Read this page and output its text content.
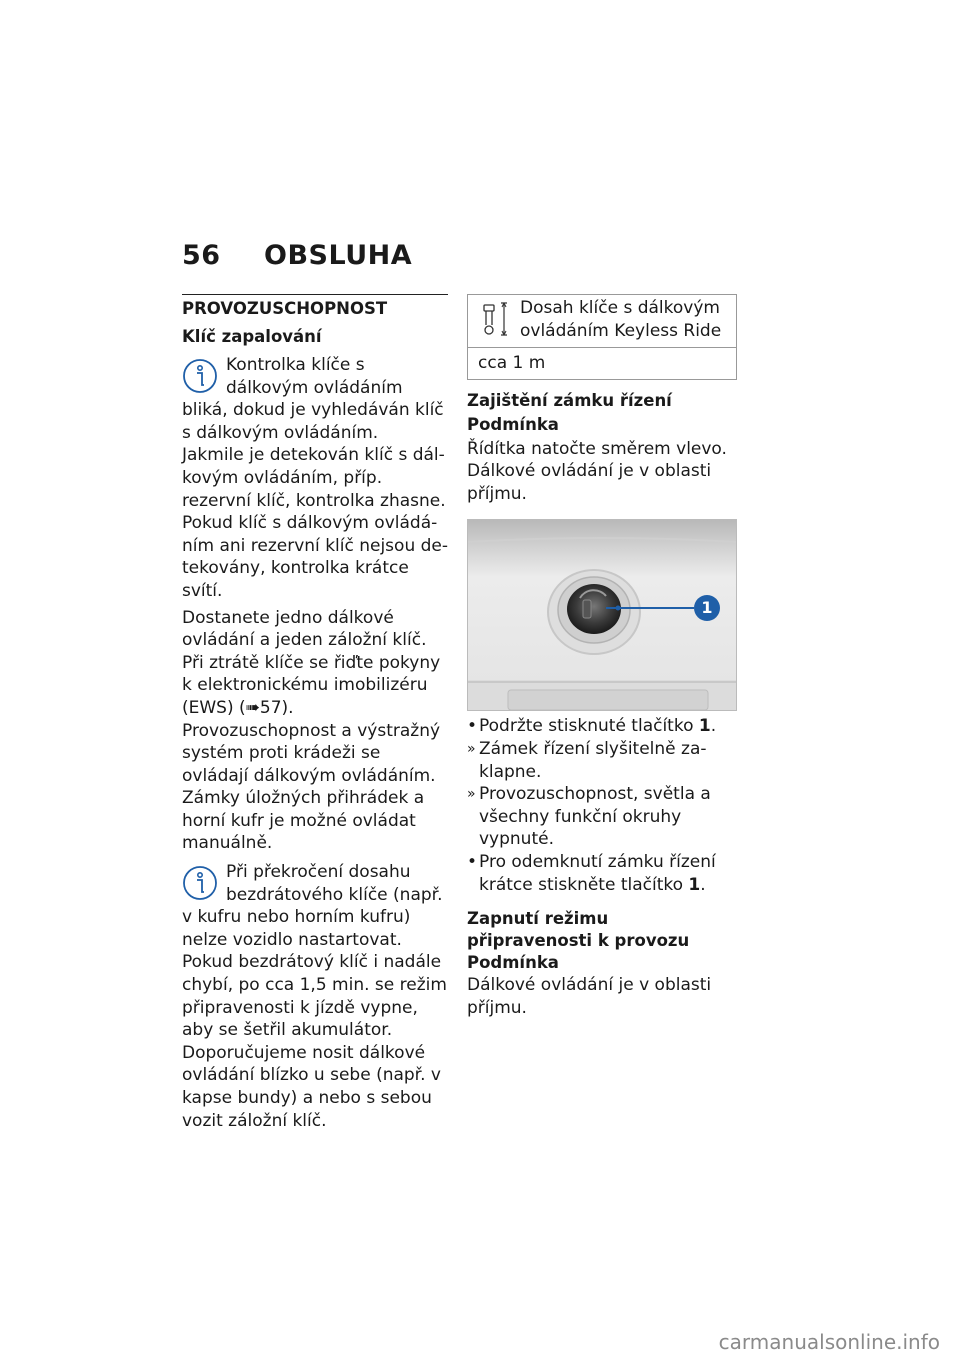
56 OBSLUHA
PROVOZUSCHOPNOST
Klíč zapalování

Kontrolka klíče s dálkovým ovládáním bliká, dokud je vyhledáván klíč s dálkovým ovládáním.

Jakmile je detekován klíč s dálkovým ovládáním, příp. rezervní klíč, kontrolka zhasne.

Pokud klíč s dálkovým ovládáním ani rezervní klíč nejsou detekovány, kontrolka krátce svítí.

Dostanete jedno dálkové ovládání a jeden záložní klíč. Při ztrátě klíče se řiďte pokyny k elektronickému imobilizéru (EWS) (➠57).

Provozuschopnost a výstražný systém proti krádeži se ovládají dálkovým ovládáním. Zámky úložných přihrádek a horní kufr je možné ovládat manuálně.

Při překročení dosahu bezdrátového klíče (např. v kufru nebo horním kufru) nelze vozidlo nastartovat.

Pokud bezdrátový klíč i nadále chybí, po cca 1,5 min. se režim připravenosti k jízdě vypne, aby se šetřil akumulátor.

Doporučujeme nosit dálkové ovládání blízko u sebe (např. v kapse bundy) a nebo s sebou vozit záložní klíč.

Dosah klíče s dálkovým ovládáním Keyless Ride
cca 1 m
Zajištění zámku řízení
Podmínka

Řídítka natočte směrem vlevo. Dálkové ovládání je v oblasti příjmu.

1
• Podržte stisknuté tlačítko 1.
» Zámek řízení slyšitelně zaklapne.
» Provozuschopnost, světla a všechny funkční okruhy vypnuté.
• Pro odemknutí zámku řízení krátce stiskněte tlačítko 1.
Zapnutí režimu připravenosti k provozu
Podmínka

Dálkové ovládání je v oblasti příjmu.

carmanualsonline.info
